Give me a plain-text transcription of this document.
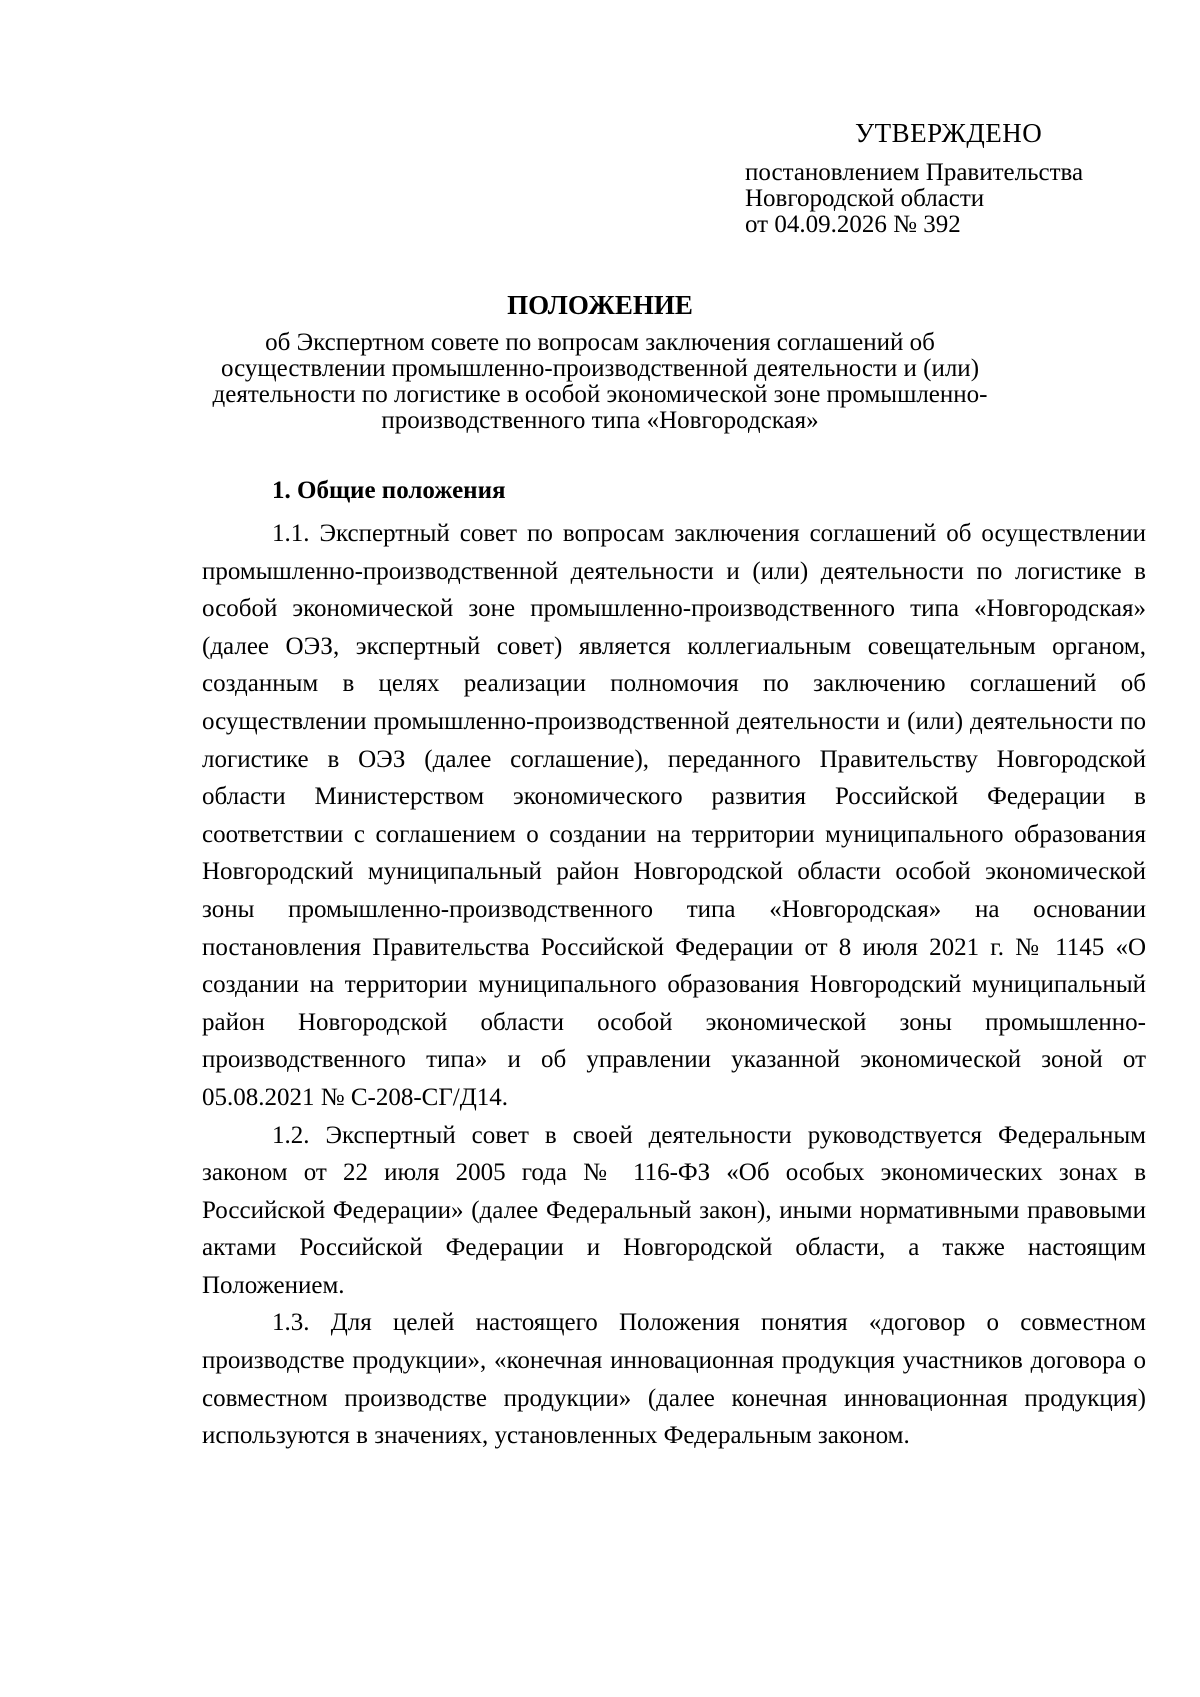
УТВЕРЖДЕНО
постановлением Правительства
Новгородской области
от 04.09.2026 № 392
ПОЛОЖЕНИЕ
об Экспертном совете по вопросам заключения соглашений об
осуществлении промышленно-производственной деятельности и (или)
деятельности по логистике в особой экономической зоне промышленно-
производственного типа «Новгородская»
1. Общие положения

1.1. Экспертный совет по вопросам заключения соглашений об осуществлении промышленно-производственной деятельности и (или) деятельности по логистике в особой экономической зоне промышленно-производственного типа «Новгородская» (далее ОЭЗ, экспертный совет) является коллегиальным совещательным органом, созданным в целях реализации полномочия по заключению соглашений об осуществлении промышленно-производственной деятельности и (или) деятельности по логистике в ОЭЗ (далее соглашение), переданного Правительству Новгородской области Министерством экономического развития Российской Федерации в соответствии с соглашением о создании на территории муниципального образования Новгородский муниципальный район Новгородской области особой экономической зоны промышленно-производственного типа «Новгородская» на основании постановления Правительства Российской Федерации от 8 июля 2021 г. № 1145 «О создании на территории муниципального образования Новгородский муниципальный район Новгородской области особой экономической зоны промышленно-производственного типа» и об управлении указанной экономической зоной от 05.08.2021 № С-208-СГ/Д14.

1.2. Экспертный совет в своей деятельности руководствуется Федеральным законом от 22 июля 2005 года № 116-ФЗ «Об особых экономических зонах в Российской Федерации» (далее Федеральный закон), иными нормативными правовыми актами Российской Федерации и Новгородской области, а также настоящим Положением.

1.3. Для целей настоящего Положения понятия «договор о совместном производстве продукции», «конечная инновационная продукция участников договора о совместном производстве продукции» (далее конечная инновационная продукция) используются в значениях, установленных Федеральным законом.
